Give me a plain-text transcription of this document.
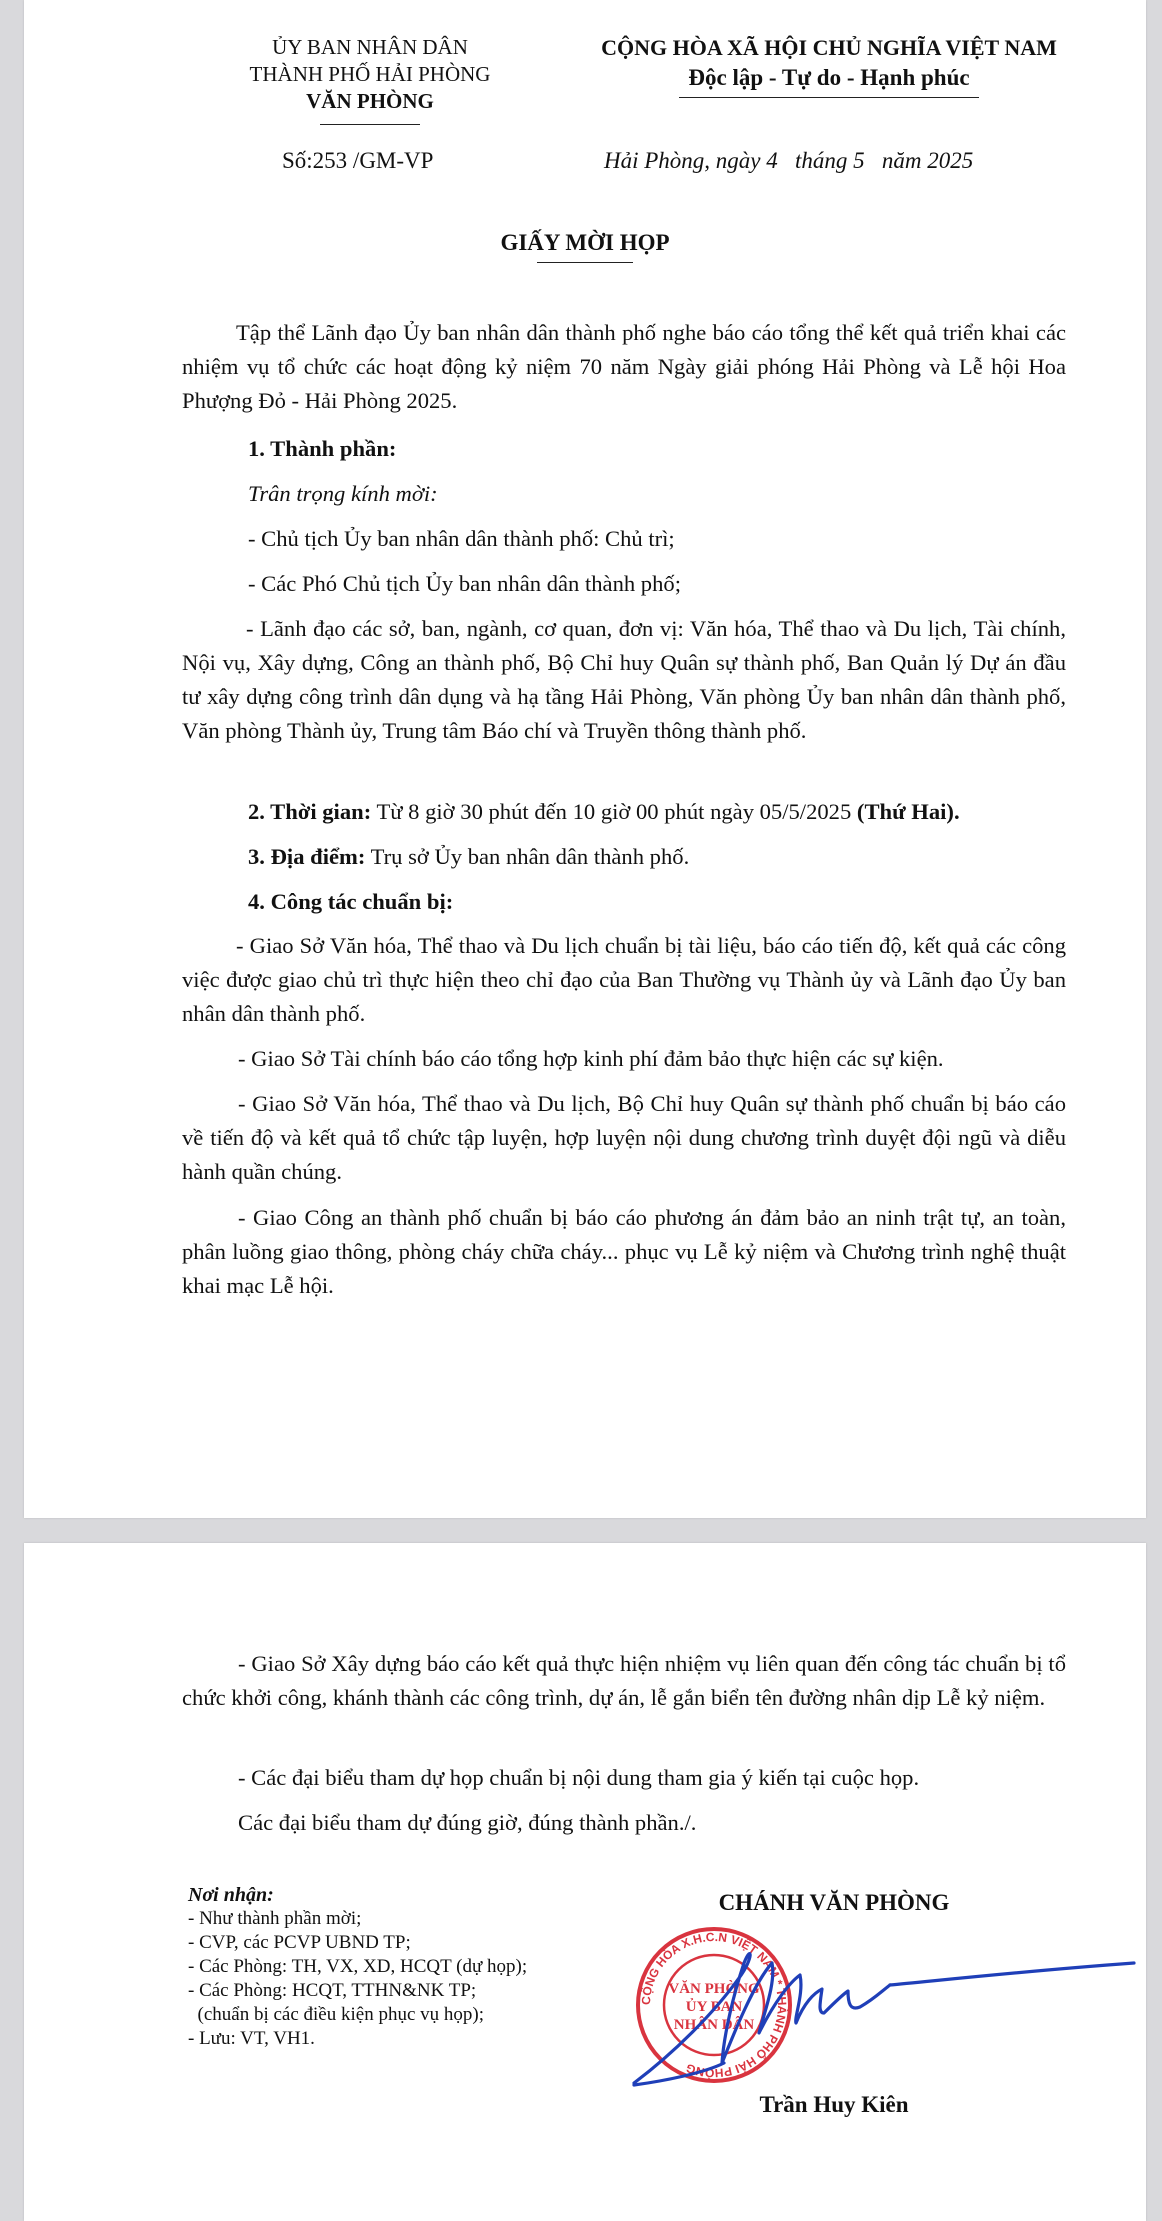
ỦY BAN NHÂN DÂN
THÀNH PHỐ HẢI PHÒNG
VĂN PHÒNG
CỘNG HÒA XÃ HỘI CHỦ NGHĨA VIỆT NAM
Độc lập - Tự do - Hạnh phúc
Số:253 /GM-VP	Hải Phòng, ngày 4   tháng 5   năm 2025
GIẤY MỜI HỌP
Tập thể Lãnh đạo Ủy ban nhân dân thành phố nghe báo cáo tổng thể kết quả triển khai các nhiệm vụ tổ chức các hoạt động kỷ niệm 70 năm Ngày giải phóng Hải Phòng và Lễ hội Hoa Phượng Đỏ - Hải Phòng 2025.
1. Thành phần:
Trân trọng kính mời:
- Chủ tịch Ủy ban nhân dân thành phố: Chủ trì;
- Các Phó Chủ tịch Ủy ban nhân dân thành phố;
- Lãnh đạo các sở, ban, ngành, cơ quan, đơn vị: Văn hóa, Thể thao và Du lịch, Tài chính, Nội vụ, Xây dựng, Công an thành phố, Bộ Chỉ huy Quân sự thành phố, Ban Quản lý Dự án đầu tư xây dựng công trình dân dụng và hạ tầng Hải Phòng, Văn phòng Ủy ban nhân dân thành phố, Văn phòng Thành ủy, Trung tâm Báo chí và Truyền thông thành phố.
2. Thời gian: Từ 8 giờ 30 phút đến 10 giờ 00 phút ngày 05/5/2025 (Thứ Hai).
3. Địa điểm: Trụ sở Ủy ban nhân dân thành phố.
4. Công tác chuẩn bị:
- Giao Sở Văn hóa, Thể thao và Du lịch chuẩn bị tài liệu, báo cáo tiến độ, kết quả các công việc được giao chủ trì thực hiện theo chỉ đạo của Ban Thường vụ Thành ủy và Lãnh đạo Ủy ban nhân dân thành phố.
- Giao Sở Tài chính báo cáo tổng hợp kinh phí đảm bảo thực hiện các sự kiện.
- Giao Sở Văn hóa, Thể thao và Du lịch, Bộ Chỉ huy Quân sự thành phố chuẩn bị báo cáo về tiến độ và kết quả tổ chức tập luyện, hợp luyện nội dung chương trình duyệt đội ngũ và diễu hành quần chúng.
- Giao Công an thành phố chuẩn bị báo cáo phương án đảm bảo an ninh trật tự, an toàn, phân luồng giao thông, phòng cháy chữa cháy... phục vụ Lễ kỷ niệm và Chương trình nghệ thuật khai mạc Lễ hội.
- Giao Sở Xây dựng báo cáo kết quả thực hiện nhiệm vụ liên quan đến công tác chuẩn bị tổ chức khởi công, khánh thành các công trình, dự án, lễ gắn biển tên đường nhân dịp Lễ kỷ niệm.
- Các đại biểu tham dự họp chuẩn bị nội dung tham gia ý kiến tại cuộc họp.
Các đại biểu tham dự đúng giờ, đúng thành phần./.
Nơi nhận:
- Như thành phần mời;
- CVP, các PCVP UBND TP;
- Các Phòng: TH, VX, XD, HCQT (dự họp);
- Các Phòng: HCQT, TTHN&NK TP;
(chuẩn bị các điều kiện phục vụ họp);
- Lưu: VT, VH1.
CHÁNH VĂN PHÒNG
CỘNG HÒA X.H.C.N VIỆT NAM * THÀNH PHỐ HẢI PHÒNG
VĂN PHÒNG
ỦY BAN
NHÂN DÂN
Trần Huy Kiên
